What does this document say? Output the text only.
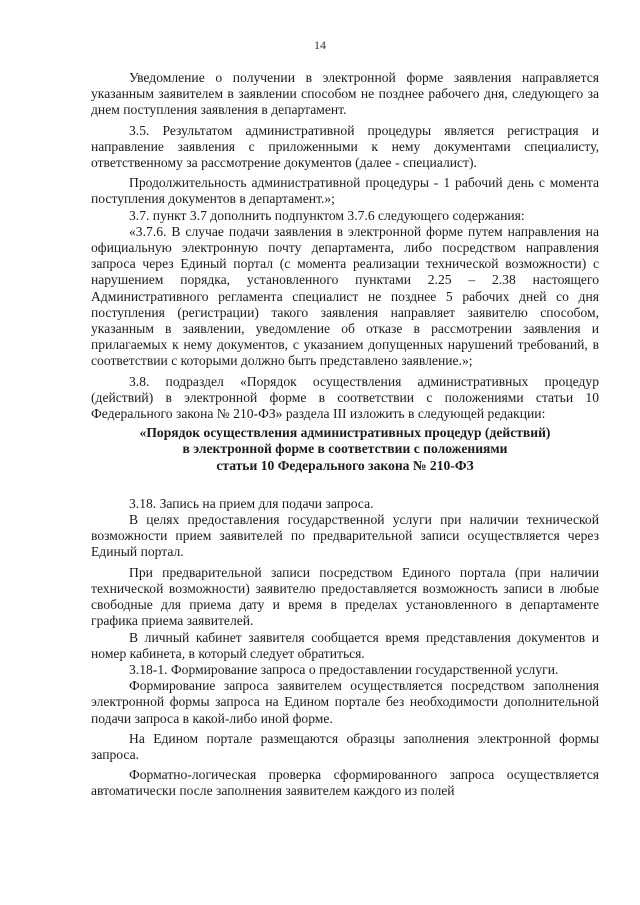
14

Уведомление о получении в электронной форме заявления направляется указанным заявителем в заявлении способом не позднее рабочего дня, следующего за днем поступления заявления в департамент.

3.5. Результатом административной процедуры является регистрация и направление заявления с приложенными к нему документами специалисту, ответственному за рассмотрение документов (далее - специалист).

Продолжительность административной процедуры - 1 рабочий день с момента поступления документов в департамент.»;

3.7. пункт 3.7 дополнить подпунктом 3.7.6 следующего содержания:

«3.7.6. В случае подачи заявления в электронной форме путем направления на официальную электронную почту департамента, либо посредством направления запроса через Единый портал (с момента реализации технической возможности) с нарушением порядка, установленного пунктами 2.25 – 2.38 настоящего Административного регламента специалист не позднее 5 рабочих дней со дня поступления (регистрации) такого заявления направляет заявителю способом, указанным в заявлении, уведомление об отказе в рассмотрении заявления и прилагаемых к нему документов, с указанием допущенных нарушений требований, в соответствии с которыми должно быть представлено заявление.»;

3.8. подраздел «Порядок осуществления административных процедур (действий) в электронной форме в соответствии с положениями статьи 10 Федерального закона № 210-ФЗ» раздела III изложить в следующей редакции:

«Порядок осуществления административных процедур (действий)
в электронной форме в соответствии с положениями
статьи 10 Федерального закона № 210-ФЗ

3.18. Запись на прием для подачи запроса.

В целях предоставления государственной услуги при наличии технической возможности прием заявителей по предварительной записи осуществляется через Единый портал.

При предварительной записи посредством Единого портала (при наличии технической возможности) заявителю предоставляется возможность записи в любые свободные для приема дату и время в пределах установленного в департаменте графика приема заявителей.

В личный кабинет заявителя сообщается время представления документов и номер кабинета, в который следует обратиться.

3.18-1. Формирование запроса о предоставлении государственной услуги.

Формирование запроса заявителем осуществляется посредством заполнения электронной формы запроса на Едином портале без необходимости дополнительной подачи запроса в какой-либо иной форме.

На Едином портале размещаются образцы заполнения электронной формы запроса.

Форматно-логическая проверка сформированного запроса осуществляется автоматически после заполнения заявителем каждого из полей
